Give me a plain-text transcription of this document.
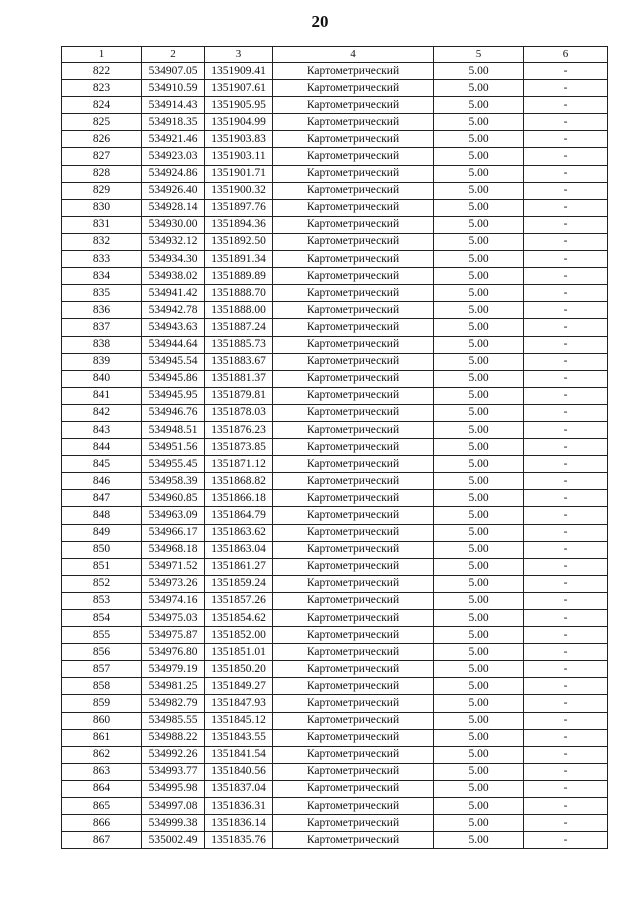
20
1	2	3	4	5	6
822	534907.05	1351909.41	Картометрический	5.00	-
823	534910.59	1351907.61	Картометрический	5.00	-
824	534914.43	1351905.95	Картометрический	5.00	-
825	534918.35	1351904.99	Картометрический	5.00	-
826	534921.46	1351903.83	Картометрический	5.00	-
827	534923.03	1351903.11	Картометрический	5.00	-
828	534924.86	1351901.71	Картометрический	5.00	-
829	534926.40	1351900.32	Картометрический	5.00	-
830	534928.14	1351897.76	Картометрический	5.00	-
831	534930.00	1351894.36	Картометрический	5.00	-
832	534932.12	1351892.50	Картометрический	5.00	-
833	534934.30	1351891.34	Картометрический	5.00	-
834	534938.02	1351889.89	Картометрический	5.00	-
835	534941.42	1351888.70	Картометрический	5.00	-
836	534942.78	1351888.00	Картометрический	5.00	-
837	534943.63	1351887.24	Картометрический	5.00	-
838	534944.64	1351885.73	Картометрический	5.00	-
839	534945.54	1351883.67	Картометрический	5.00	-
840	534945.86	1351881.37	Картометрический	5.00	-
841	534945.95	1351879.81	Картометрический	5.00	-
842	534946.76	1351878.03	Картометрический	5.00	-
843	534948.51	1351876.23	Картометрический	5.00	-
844	534951.56	1351873.85	Картометрический	5.00	-
845	534955.45	1351871.12	Картометрический	5.00	-
846	534958.39	1351868.82	Картометрический	5.00	-
847	534960.85	1351866.18	Картометрический	5.00	-
848	534963.09	1351864.79	Картометрический	5.00	-
849	534966.17	1351863.62	Картометрический	5.00	-
850	534968.18	1351863.04	Картометрический	5.00	-
851	534971.52	1351861.27	Картометрический	5.00	-
852	534973.26	1351859.24	Картометрический	5.00	-
853	534974.16	1351857.26	Картометрический	5.00	-
854	534975.03	1351854.62	Картометрический	5.00	-
855	534975.87	1351852.00	Картометрический	5.00	-
856	534976.80	1351851.01	Картометрический	5.00	-
857	534979.19	1351850.20	Картометрический	5.00	-
858	534981.25	1351849.27	Картометрический	5.00	-
859	534982.79	1351847.93	Картометрический	5.00	-
860	534985.55	1351845.12	Картометрический	5.00	-
861	534988.22	1351843.55	Картометрический	5.00	-
862	534992.26	1351841.54	Картометрический	5.00	-
863	534993.77	1351840.56	Картометрический	5.00	-
864	534995.98	1351837.04	Картометрический	5.00	-
865	534997.08	1351836.31	Картометрический	5.00	-
866	534999.38	1351836.14	Картометрический	5.00	-
867	535002.49	1351835.76	Картометрический	5.00	-
